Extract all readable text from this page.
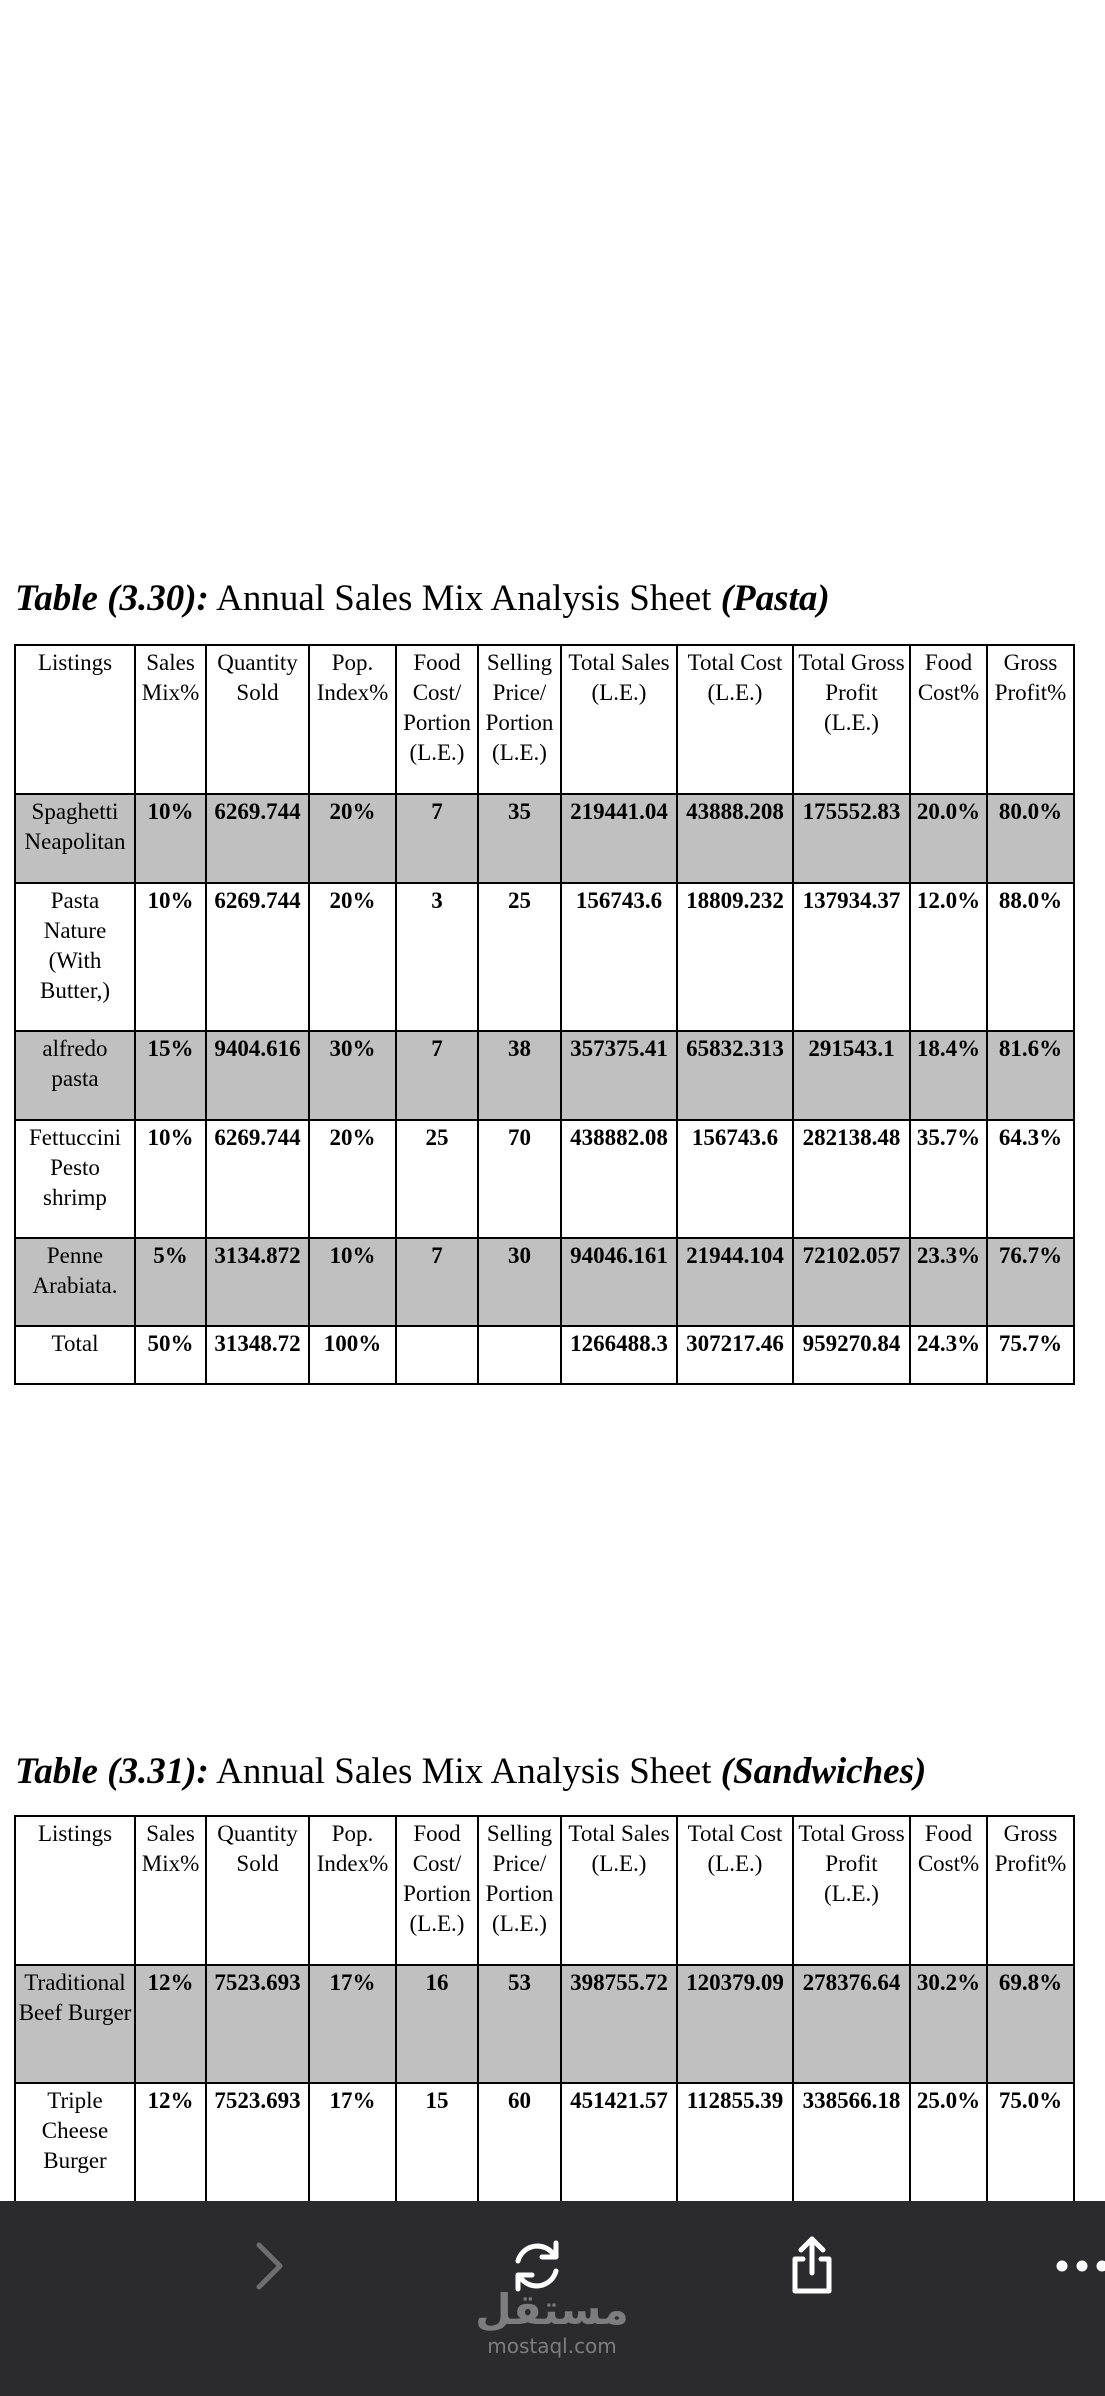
Table (3.30): Annual Sales Mix Analysis Sheet (Pasta)
Listings	Sales Mix%	Quantity Sold	Pop. Index%	Food Cost/ Portion (L.E.)	Selling Price/ Portion (L.E.)	Total Sales (L.E.)	Total Cost (L.E.)	Total Gross Profit (L.E.)	Food Cost%	Gross Profit%
Spaghetti Neapolitan	10%	6269.744	20%	7	35	219441.04	43888.208	175552.83	20.0%	80.0%
Pasta Nature (With Butter,)	10%	6269.744	20%	3	25	156743.6	18809.232	137934.37	12.0%	88.0%
alfredo pasta	15%	9404.616	30%	7	38	357375.41	65832.313	291543.1	18.4%	81.6%
Fettuccini Pesto shrimp	10%	6269.744	20%	25	70	438882.08	156743.6	282138.48	35.7%	64.3%
Penne Arabiata.	5%	3134.872	10%	7	30	94046.161	21944.104	72102.057	23.3%	76.7%
Total	50%	31348.72	100%			1266488.3	307217.46	959270.84	24.3%	75.7%
Table (3.31): Annual Sales Mix Analysis Sheet (Sandwiches)
Listings	Sales Mix%	Quantity Sold	Pop. Index%	Food Cost/ Portion (L.E.)	Selling Price/ Portion (L.E.)	Total Sales (L.E.)	Total Cost (L.E.)	Total Gross Profit (L.E.)	Food Cost%	Gross Profit%
Traditional Beef Burger	12%	7523.693	17%	16	53	398755.72	120379.09	278376.64	30.2%	69.8%
Triple Cheese Burger	12%	7523.693	17%	15	60	451421.57	112855.39	338566.18	25.0%	75.0%
مستقل
mostaql.com
